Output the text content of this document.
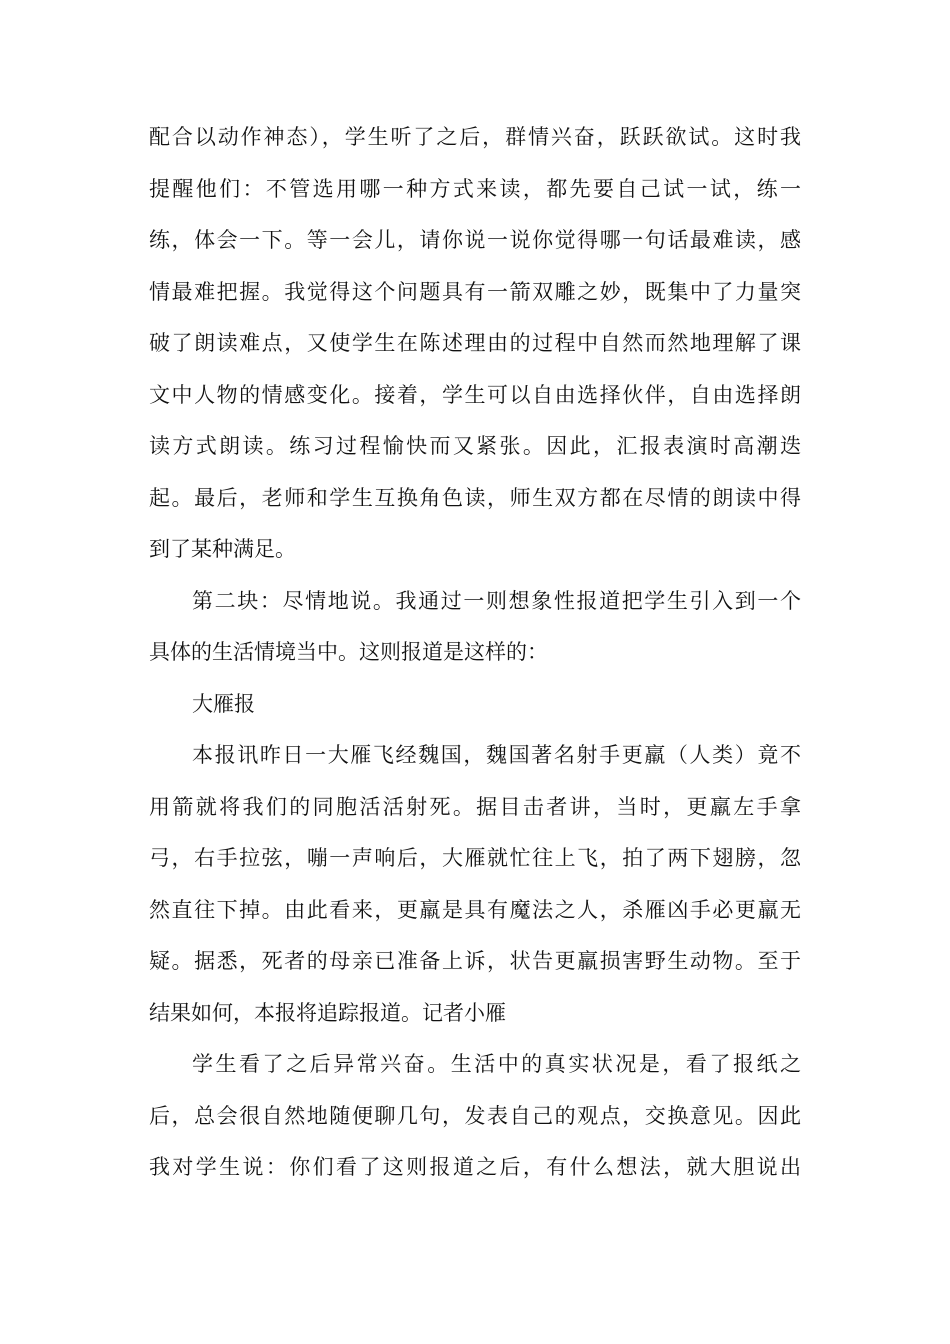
配合以动作神态），学生听了之后，群情兴奋，跃跃欲试。这时我
提醒他们：不管选用哪一种方式来读，都先要自己试一试，练一
练，体会一下。等一会儿，请你说一说你觉得哪一句话最难读，感
情最难把握。我觉得这个问题具有一箭双雕之妙，既集中了力量突
破了朗读难点，又使学生在陈述理由的过程中自然而然地理解了课
文中人物的情感变化。接着，学生可以自由选择伙伴，自由选择朗
读方式朗读。练习过程愉快而又紧张。因此，汇报表演时高潮迭
起。最后，老师和学生互换角色读，师生双方都在尽情的朗读中得
到了某种满足。
第二块：尽情地说。我通过一则想象性报道把学生引入到一个
具体的生活情境当中。这则报道是这样的：
大雁报
本报讯昨日一大雁飞经魏国，魏国著名射手更羸（人类）竟不
用箭就将我们的同胞活活射死。据目击者讲，当时，更羸左手拿
弓，右手拉弦，嘣一声响后，大雁就忙往上飞，拍了两下翅膀，忽
然直往下掉。由此看来，更羸是具有魔法之人，杀雁凶手必更羸无
疑。据悉，死者的母亲已准备上诉，状告更羸损害野生动物。至于
结果如何，本报将追踪报道。记者小雁
学生看了之后异常兴奋。生活中的真实状况是，看了报纸之
后，总会很自然地随便聊几句，发表自己的观点，交换意见。因此
我对学生说：你们看了这则报道之后，有什么想法，就大胆说出
